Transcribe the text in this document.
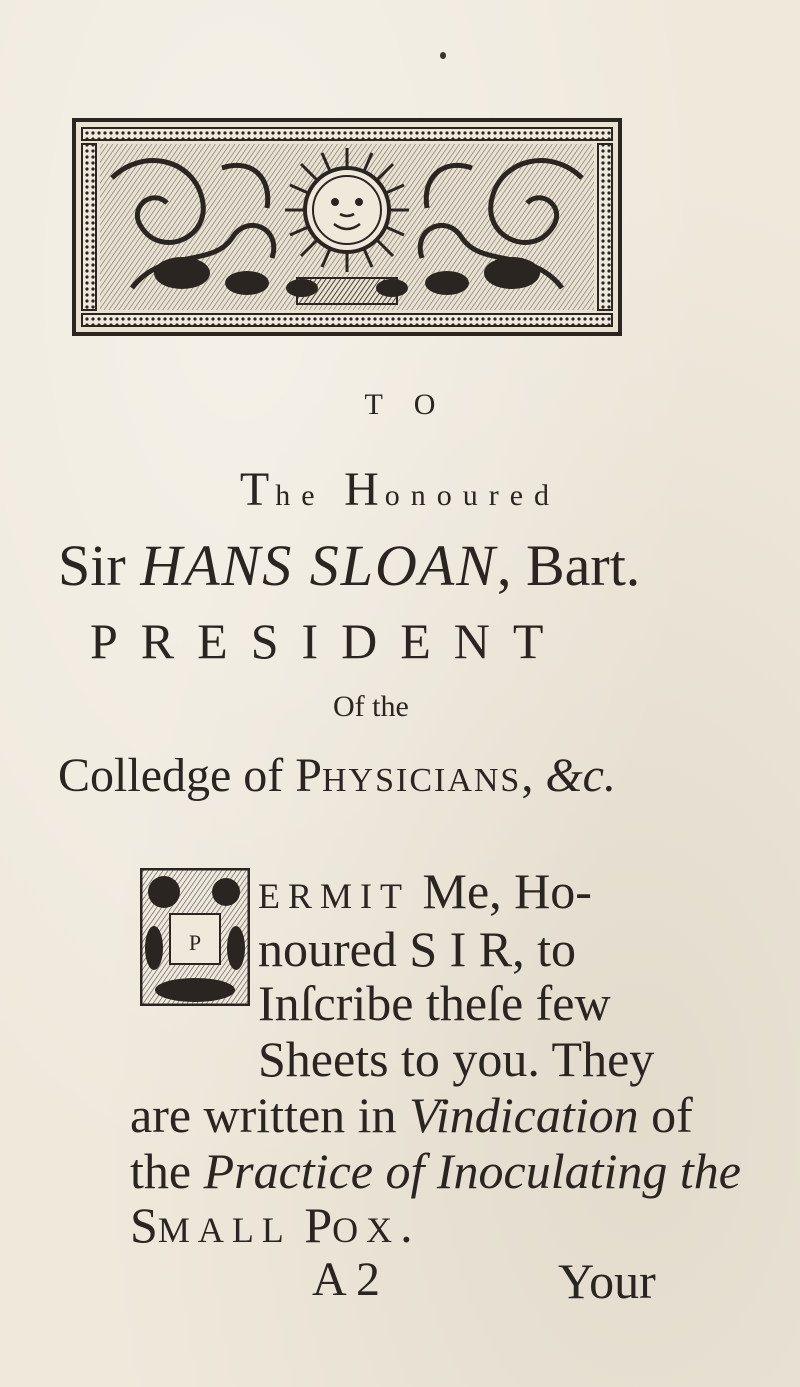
T O
The Honoured
Sir HANS SLOAN, Bart.
PRESIDENT
Of the
Colledge of PHYSICIANS, &c.
P
ERMIT Me, Ho-
noured S I R, to
Inſcribe theſe few
Sheets to you. They
are written in Vindication of
the Practice of Inoculating the
SMALL POX.
A 2	Your
